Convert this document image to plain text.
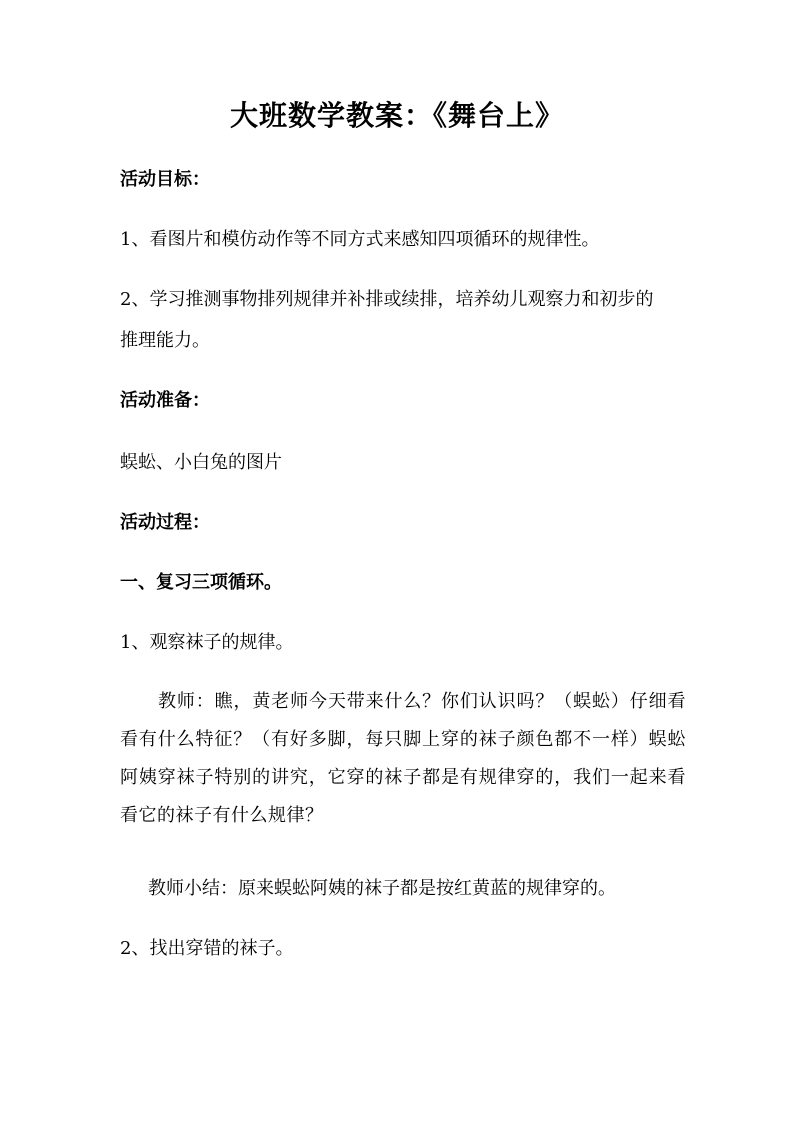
大班数学教案：《舞台上》
活动目标：
1、看图片和模仿动作等不同方式来感知四项循环的规律性。
2、学习推测事物排列规律并补排或续排，培养幼儿观察力和初步的
推理能力。
活动准备：
蜈蚣、小白兔的图片
活动过程：
一、复习三项循环。
1、观察袜子的规律。
教师：瞧，黄老师今天带来什么？你们认识吗？（蜈蚣）仔细看看有什么特征？（有好多脚，每只脚上穿的袜子颜色都不一样）蜈蚣阿姨穿袜子特别的讲究，它穿的袜子都是有规律穿的，我们一起来看看它的袜子有什么规律？
教师小结：原来蜈蚣阿姨的袜子都是按红黄蓝的规律穿的。
2、找出穿错的袜子。
